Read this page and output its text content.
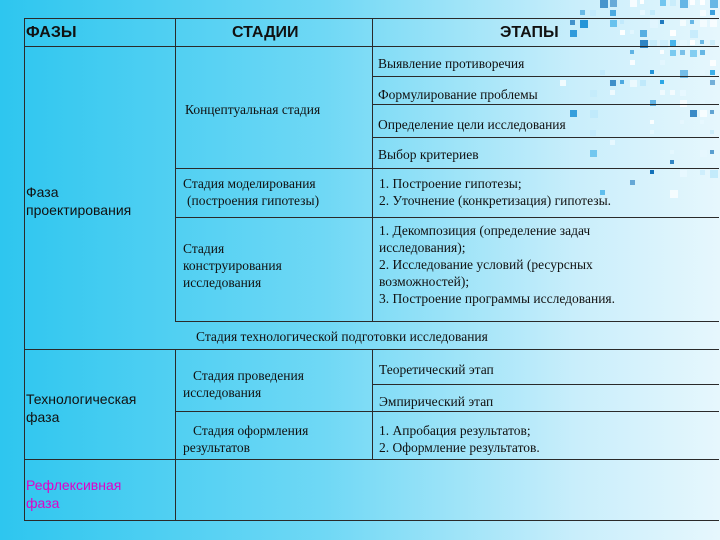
ФАЗЫ	СТАДИИ	ЭТАПЫ
Концептуальная стадия
Выявление противоречия
Формулирование проблемы
Определение цели исследования
Выбор критериев
Фаза
проектирования
Стадия моделирования
(построения гипотезы)
1. Построение гипотезы;
2. Уточнение (конкретизация) гипотезы.
Стадия
конструирования
исследования
1. Декомпозиция (определение задач
исследования);
2. Исследование условий (ресурсных
возможностей);
3. Построение программы исследования.
Стадия технологической подготовки исследования
Технологическая
фаза
Стадия проведения
исследования
Теоретический этап
Эмпирический этап
Стадия оформления
результатов
1. Апробация результатов;
2. Оформление результатов.
Рефлексивная
фаза
